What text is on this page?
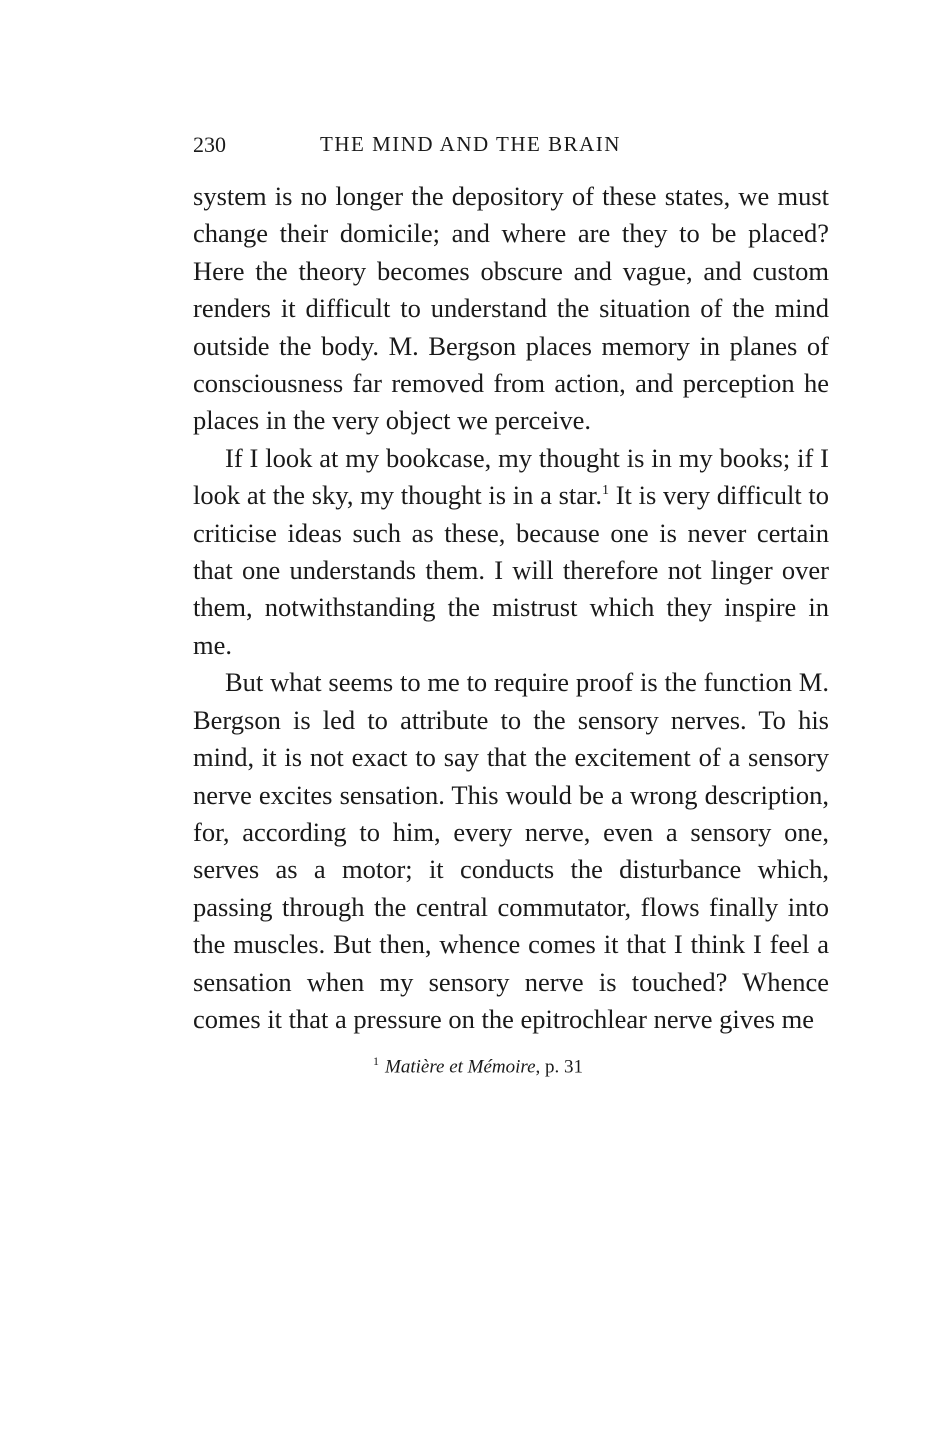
230	THE MIND AND THE BRAIN

system is no longer the depository of these states, we must change their domicile; and where are they to be placed? Here the theory becomes obscure and vague, and custom renders it difficult to understand the situation of the mind outside the body. M. Bergson places memory in planes of consciousness far removed from action, and perception he places in the very object we perceive.

If I look at my bookcase, my thought is in my books; if I look at the sky, my thought is in a star.$^1$ It is very difficult to criticise ideas such as these, because one is never certain that one understands them. I will therefore not linger over them, notwithstanding the mistrust which they inspire in me.

But what seems to me to require proof is the function M. Bergson is led to attribute to the sensory nerves. To his mind, it is not exact to say that the excitement of a sensory nerve excites sensation. This would be a wrong description, for, according to him, every nerve, even a sensory one, serves as a motor; it conducts the disturbance which, passing through the central commutator, flows finally into the muscles. But then, whence comes it that I think I feel a sensation when my sensory nerve is touched? Whence comes it that a pressure on the epitrochlear nerve gives me

$^1$ Matière et Mémoire, p. 31
